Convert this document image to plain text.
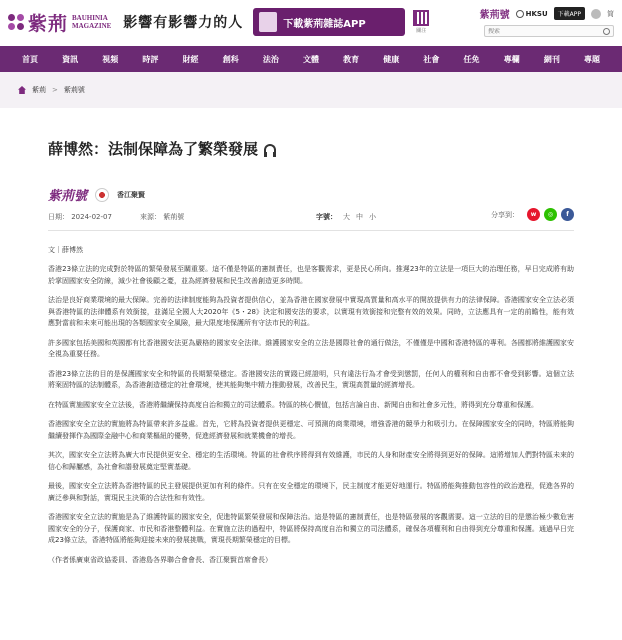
紫荊 BAUHINIA
MAGAZINE 影響有影響力的人	下載紫荊雜誌APP
關注
紫荊號 HKSU	下載APP	简
搜索
首頁	資訊	視頻	時評	財經	創科	法治	文體	教育	健康	社會	任免	專欄	網刊	專題
紫荊 > 紫荊號
薛博然：法制保障為了繁榮發展
紫荊號	香江聚賢
日期： 2024-02-07	來源： 紫荊號	字號： 大 中 小	分享到：	w	◎	f

文｜薛博然

香港23條立法的完成對於特區的繁榮發展至關重要。這不僅是特區的憲制責任，也是客觀需求，更是民心所向。推遲23年的立法是一項巨大的治理任務，早日完成將有助於掌固國家安全防線，減少社會後顧之憂，並為經濟發展和民生改善創造更多時間。

法治是良好商業環境的最大保障。完善的法律制度能夠為投資者提供信心，並為香港在國家發展中實現高質量和高水平的開放提供有力的法律保障。香港國家安全立法必須與香港特區的法律體系有效銜接，並滿足全國人大2020年《5・28》決定和國安法的要求，以實現有效銜接和完整有效的效果。同時，立法應具有一定的前瞻性，能有效應對當前和未來可能出現的各類國家安全風險，最大限度地保護所有守法市民的利益。

許多國家包括美國和英國都有比香港國安法更為嚴格的國家安全法律。維護國家安全的立法是國際社會的通行做法，不僅僅是中國和香港特區的專利。各國都將維護國家安全視為重要任務。

香港23條立法的目的是保護國家安全和特區的長期繁榮穩定。香港國安法的實踐已經證明，只有違法行為才會受到懲罰，任何人的權利和自由都不會受到影響。這個立法將案固特區的法制體系，為香港創造穩定的社會環境，使其能夠集中精力推動發展，改善民生，實現高質量的經濟增長。

在特區實施國家安全立法後，香港將繼續保持高度自治和獨立的司法體系。特區的核心價值，包括言論自由、新聞自由和社會多元性，將得到充分尊重和保護。

香港國家安全立法的實施將為特區帶來許多益處。首先，它將為投資者提供更穩定、可預測的商業環境，增強香港的競爭力和吸引力。在保障國家安全的同時，特區將能夠繼續發揮作為國際金融中心和商業樞紐的優勢，促進經濟發展和就業機會的增長。

其次，國家安全立法將為廣大市民提供更安全、穩定的生活環境。特區的社會秩序將得到有效維護，市民的人身和財產安全將得到更好的保障。這將增加人們對特區未來的信心和歸屬感，為社會和諧發展奠定堅實基礎。

最後，國家安全立法將為香港特區的民主發展提供更加有利的條件。只有在安全穩定的環境下，民主制度才能更好地運行。特區將能夠推動包容性的政治進程，促進各界的廣泛參與和對話，實現民主決策的合法性和有效性。

香港國家安全立法的實施是為了維護特區的國家安全，促進特區繁榮發展和保障法治。這是特區的憲制責任，也是特區發展的客觀需要。這一立法的目的是懲治極少數危害國家安全的分子，保護商家、市民和香港整體利益。在實施立法的過程中，特區將保持高度自治和獨立的司法體系，確保各項權利和自由得到充分尊重和保護。通過早日完成23條立法，香港特區將能夠迎接未來的發展挑戰，實現長期繁榮穩定的目標。

（作者係廣東省政協委員、香港島各界聯合會會長、香江聚賢首席會長）
